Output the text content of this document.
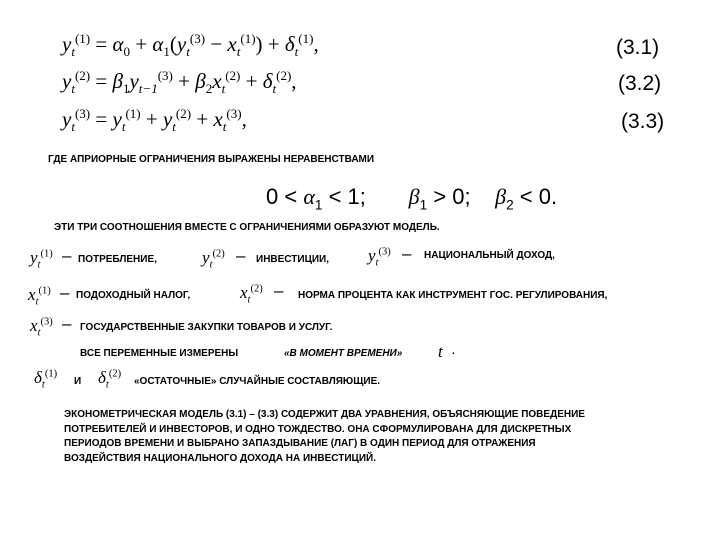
$y_t^{(1)} = \alpha_0 + \alpha_1(y_t^{(3)} - x_t^{(1)}) + \delta_t^{(1)}$,	(3.1)
$y_t^{(2)} = \beta_1y_{t-1}^{(3)} + \beta_2x_t^{(2)} + \delta_t^{(2)}$,	(3.2)
$y_t^{(3)} = y_t^{(1)} + y_t^{(2)} + x_t^{(3)}$,	(3.3)
ГДЕ АПРИОРНЫЕ ОГРАНИЧЕНИЯ ВЫРАЖЕНЫ НЕРАВЕНСТВАМИ
$0 < \alpha_1 < 1$;       $\beta_1 > 0$;    $\beta_2 < 0$.
ЭТИ ТРИ СООТНОШЕНИЯ ВМЕСТЕ С ОГРАНИЧЕНИЯМИ ОБРАЗУЮТ МОДЕЛЬ.
$y_t^{(1)}$ – ПОТРЕБЛЕНИЕ,	$y_t^{(2)}$ – ИНВЕСТИЦИИ, $y_t^{(3)}$ – НАЦИОНАЛЬНЫЙ ДОХОД,
$x_t^{(1)}$ – ПОДОХОДНЫЙ НАЛОГ,	$x_t^{(2)}$ – НОРМА ПРОЦЕНТА КАК ИНСТРУМЕНТ ГОС. РЕГУЛИРОВАНИЯ,
$x_t^{(3)}$ – ГОСУДАРСТВЕННЫЕ ЗАКУПКИ ТОВАРОВ И УСЛУГ.
ВСЕ ПЕРЕМЕННЫЕ ИЗМЕРЕНЫ	«В МОМЕНТ ВРЕМЕНИ» t .
$\delta_t^{(1)}$
И $\delta_t^{(2)}$
«ОСТАТОЧНЫЕ» СЛУЧАЙНЫЕ СОСТАВЛЯЮЩИЕ.
ЭКОНОМЕТРИЧЕСКАЯ МОДЕЛЬ (3.1) – (3.3) СОДЕРЖИТ ДВА УРАВНЕНИЯ, ОБЪЯСНЯЮЩИЕ ПОВЕДЕНИЕ
ПОТРЕБИТЕЛЕЙ И ИНВЕСТОРОВ, И ОДНО ТОЖДЕСТВО. ОНА СФОРМУЛИРОВАНА ДЛЯ ДИСКРЕТНЫХ
ПЕРИОДОВ ВРЕМЕНИ И ВЫБРАНО ЗАПАЗДЫВАНИЕ (ЛАГ) В ОДИН ПЕРИОД ДЛЯ ОТРАЖЕНИЯ
ВОЗДЕЙСТВИЯ НАЦИОНАЛЬНОГО ДОХОДА НА ИНВЕСТИЦИЙ.
